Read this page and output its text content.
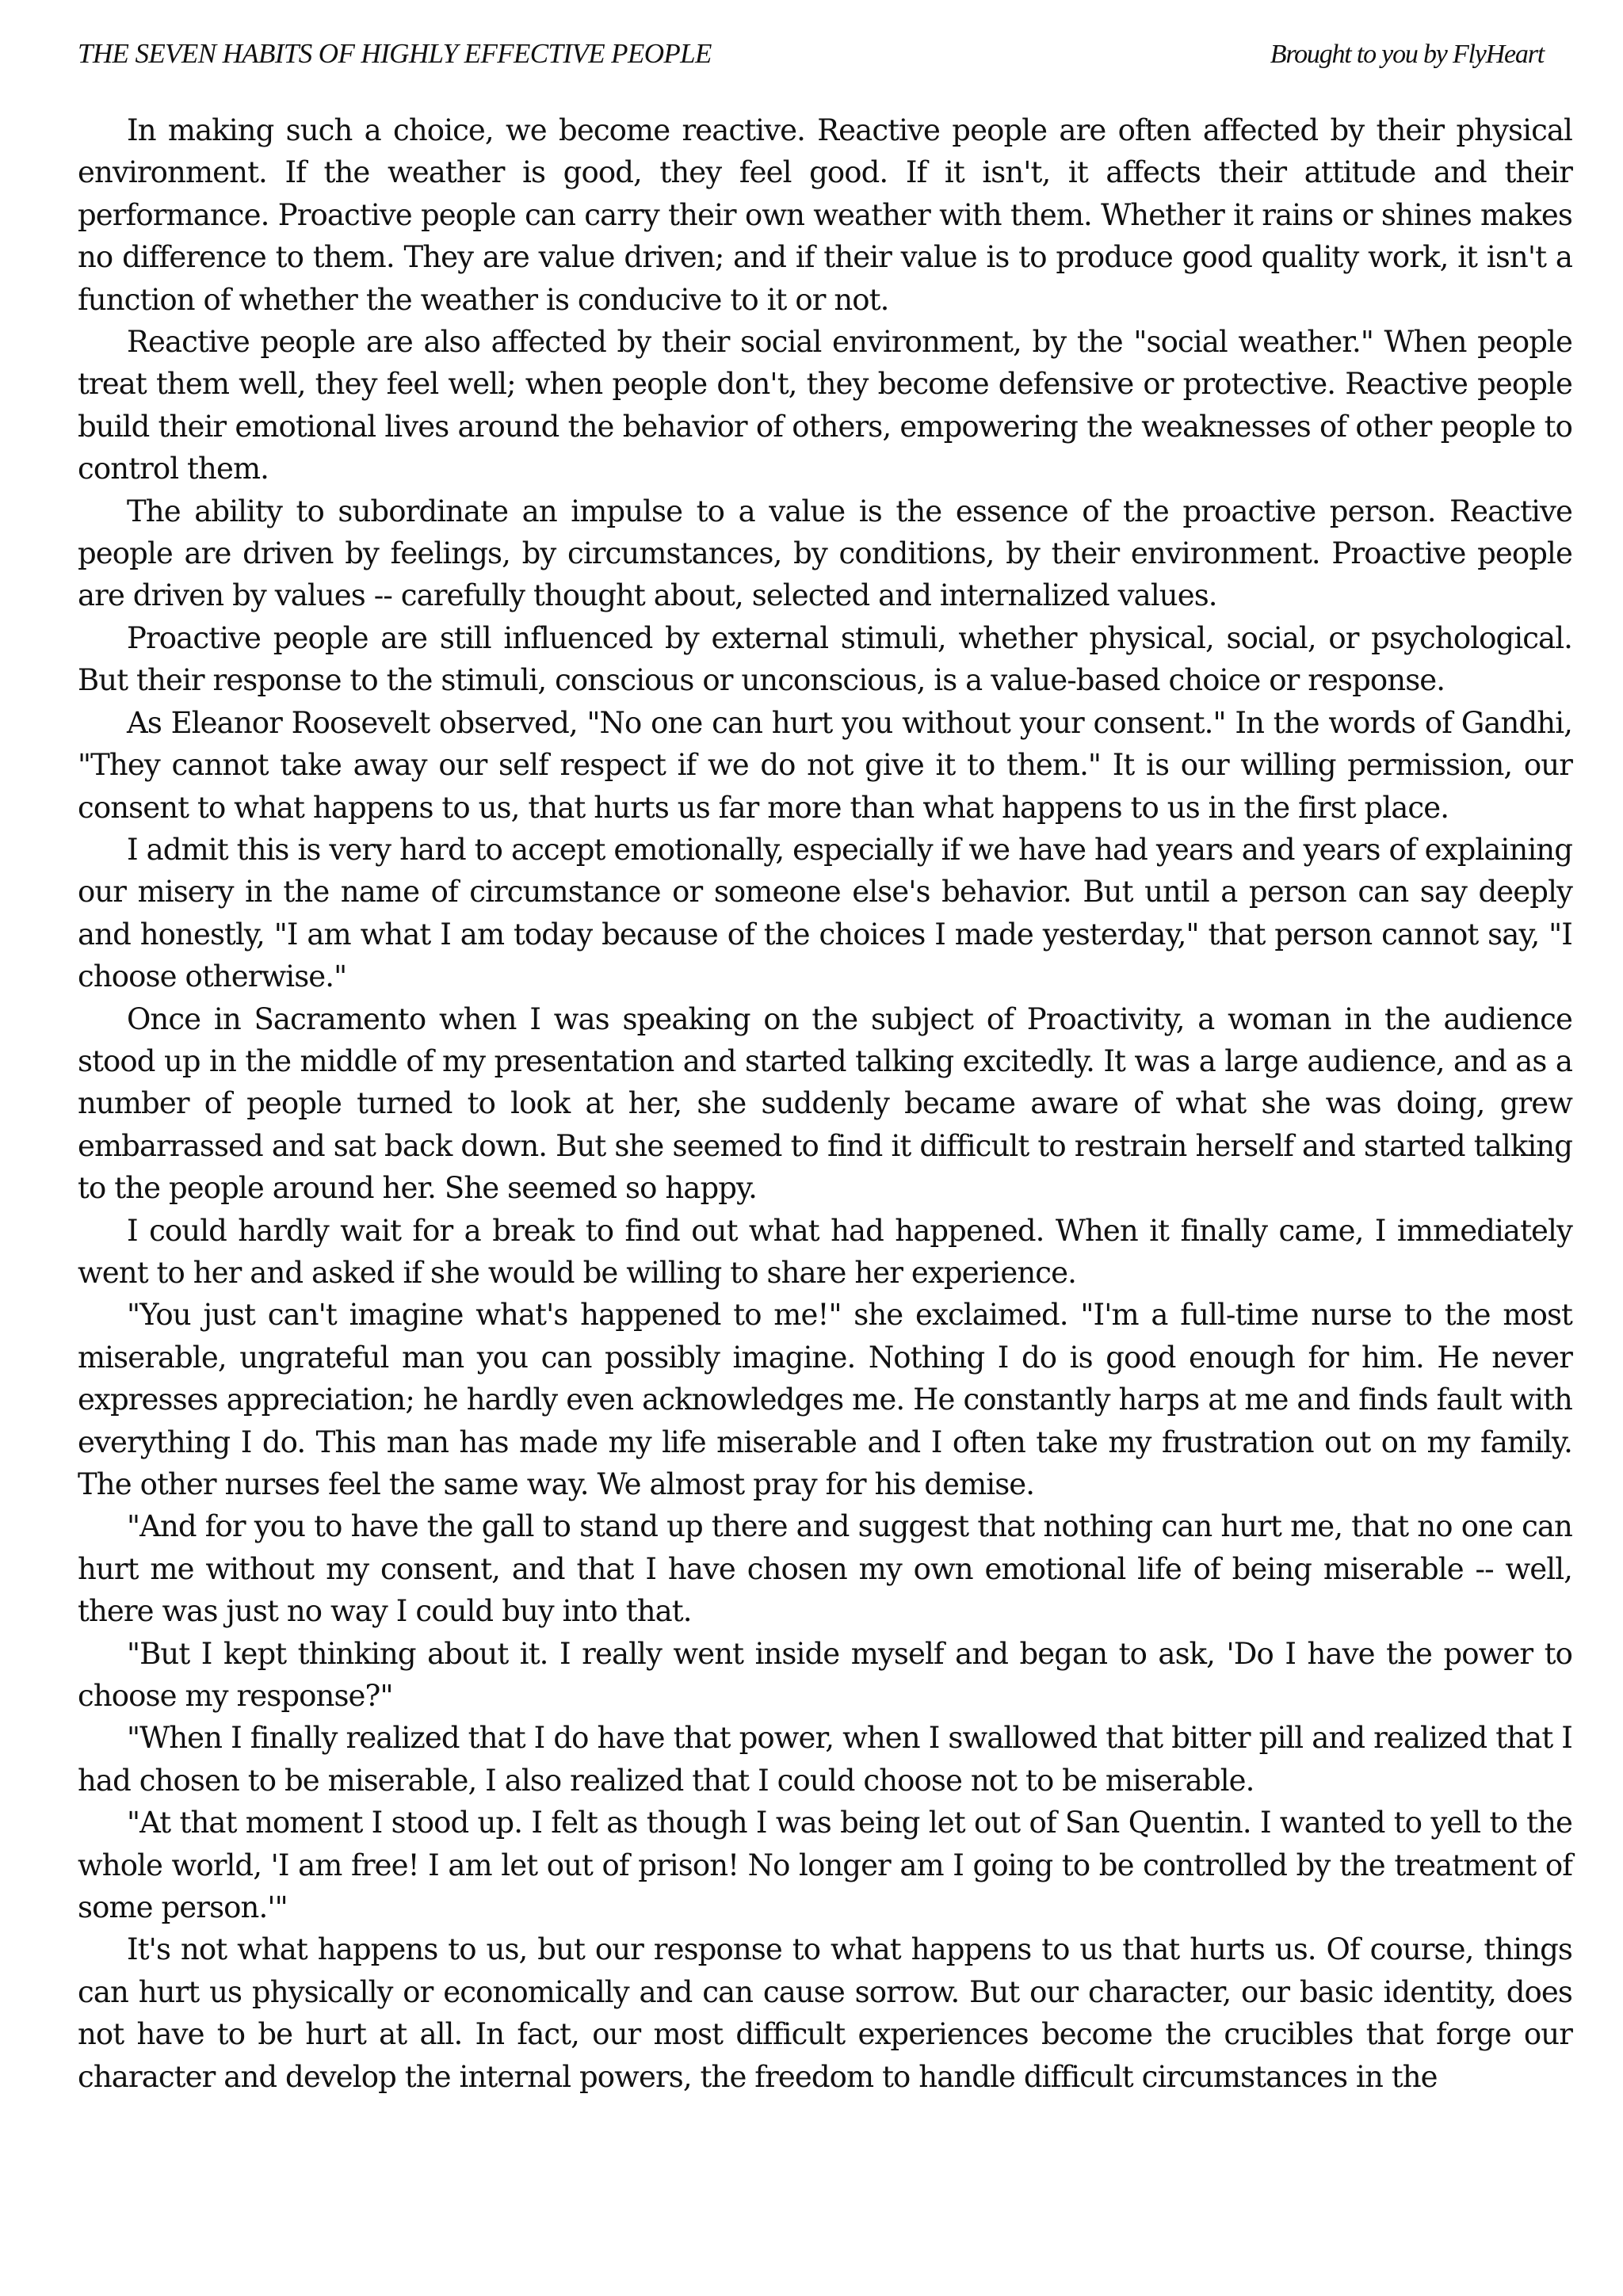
THE SEVEN HABITS OF HIGHLY EFFECTIVE PEOPLE	Brought to you by FlyHeart

In making such a choice, we become reactive. Reactive people are often affected by their physical environment. If the weather is good, they feel good. If it isn't, it affects their attitude and their performance. Proactive people can carry their own weather with them. Whether it rains or shines makes no difference to them. They are value driven; and if their value is to produce good quality work, it isn't a function of whether the weather is conducive to it or not.

Reactive people are also affected by their social environment, by the "social weather." When people treat them well, they feel well; when people don't, they become defensive or protective. Reactive people build their emotional lives around the behavior of others, empowering the weaknesses of other people to control them.

The ability to subordinate an impulse to a value is the essence of the proactive person. Reactive people are driven by feelings, by circumstances, by conditions, by their environment. Proactive people are driven by values -- carefully thought about, selected and internalized values.

Proactive people are still influenced by external stimuli, whether physical, social, or psychological. But their response to the stimuli, conscious or unconscious, is a value-based choice or response.

As Eleanor Roosevelt observed, "No one can hurt you without your consent." In the words of Gandhi, "They cannot take away our self respect if we do not give it to them." It is our willing permission, our consent to what happens to us, that hurts us far more than what happens to us in the first place.

I admit this is very hard to accept emotionally, especially if we have had years and years of explaining our misery in the name of circumstance or someone else's behavior. But until a person can say deeply and honestly, "I am what I am today because of the choices I made yesterday," that person cannot say, "I choose otherwise."

Once in Sacramento when I was speaking on the subject of Proactivity, a woman in the audience stood up in the middle of my presentation and started talking excitedly. It was a large audience, and as a number of people turned to look at her, she suddenly became aware of what she was doing, grew embarrassed and sat back down. But she seemed to find it difficult to restrain herself and started talking to the people around her. She seemed so happy.

I could hardly wait for a break to find out what had happened. When it finally came, I immediately went to her and asked if she would be willing to share her experience.

"You just can't imagine what's happened to me!" she exclaimed. "I'm a full-time nurse to the most miserable, ungrateful man you can possibly imagine. Nothing I do is good enough for him. He never expresses appreciation; he hardly even acknowledges me. He constantly harps at me and finds fault with everything I do. This man has made my life miserable and I often take my frustration out on my family. The other nurses feel the same way. We almost pray for his demise.

"And for you to have the gall to stand up there and suggest that nothing can hurt me, that no one can hurt me without my consent, and that I have chosen my own emotional life of being miserable -- well, there was just no way I could buy into that.

"But I kept thinking about it. I really went inside myself and began to ask, 'Do I have the power to choose my response?"

"When I finally realized that I do have that power, when I swallowed that bitter pill and realized that I had chosen to be miserable, I also realized that I could choose not to be miserable.

"At that moment I stood up. I felt as though I was being let out of San Quentin. I wanted to yell to the whole world, 'I am free! I am let out of prison! No longer am I going to be controlled by the treatment of some person.'"

It's not what happens to us, but our response to what happens to us that hurts us. Of course, things can hurt us physically or economically and can cause sorrow. But our character, our basic identity, does not have to be hurt at all. In fact, our most difficult experiences become the crucibles that forge our character and develop the internal powers, the freedom to handle difficult circumstances in the
